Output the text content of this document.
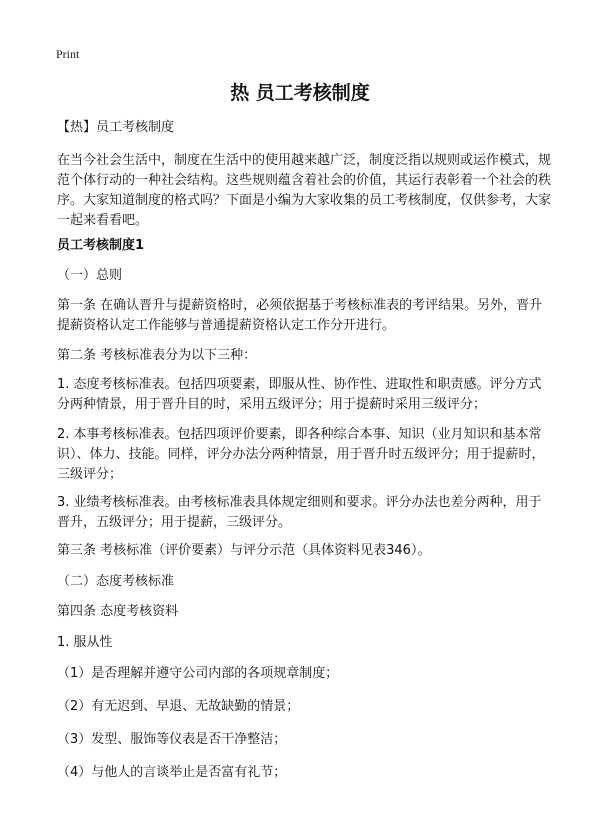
Print
热 员工考核制度

【热】员工考核制度

在当今社会生活中，制度在生活中的使用越来越广泛，制度泛指以规则或运作模式，规范个体行动的一种社会结构。这些规则蕴含着社会的价值，其运行表彰着一个社会的秩序。大家知道制度的格式吗？下面是小编为大家收集的员工考核制度，仅供参考，大家一起来看看吧。

员工考核制度1

（一）总则

第一条 在确认晋升与提薪资格时，必须依据基于考核标准表的考评结果。另外，晋升提薪资格认定工作能够与普通提薪资格认定工作分开进行。

第二条 考核标准表分为以下三种：

1. 态度考核标准表。包括四项要素，即服从性、协作性、进取性和职责感。评分方式分两种情景，用于晋升目的时，采用五级评分；用于提薪时采用三级评分；

2. 本事考核标准表。包括四项评价要素，即各种综合本事、知识（业月知识和基本常识）、体力、技能。同样，评分办法分两种情景，用于晋升时五级评分；用于提薪时，三级评分；

3. 业绩考核标准表。由考核标准表具体规定细则和要求。评分办法也差分两种，用于晋升，五级评分；用于提薪，三级评分。

第三条 考核标准（评价要素）与评分示范（具体资料见表346）。

（二）态度考核标准

第四条 态度考核资料

1. 服从性

（1）是否理解并遵守公司内部的各项规章制度；

（2）有无迟到、早退、无故缺勤的情景；

（3）发型、服饰等仪表是否干净整洁；

（4）与他人的言谈举止是否富有礼节；
